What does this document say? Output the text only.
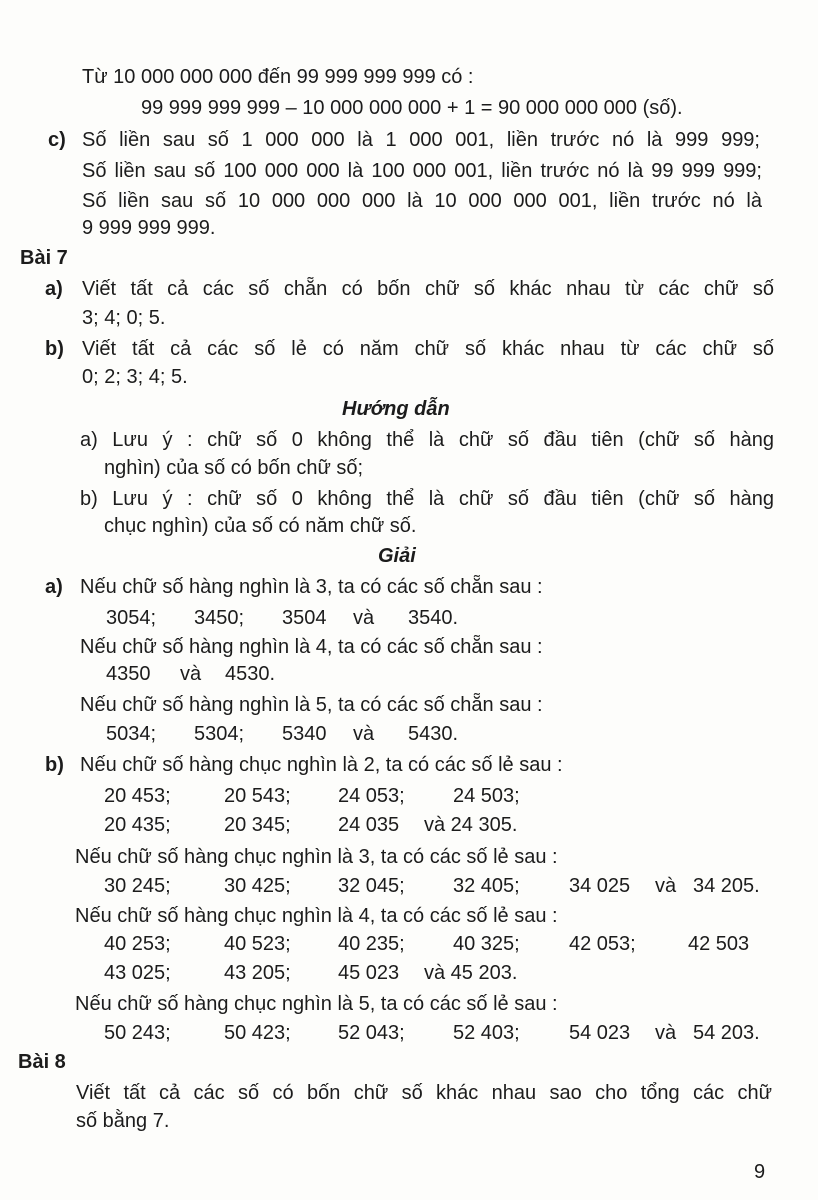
Từ 10 000 000 000 đến 99 999 999 999 có :
99 999 999 999 – 10 000 000 000 + 1 = 90 000 000 000 (số).
c) Số liền sau số 1 000 000 là 1 000 001, liền trước nó là 999 999;
Số liền sau số 100 000 000 là 100 000 001, liền trước nó là 99 999 999;
Số liền sau số 10 000 000 000 là 10 000 000 001, liền trước nó là
9 999 999 999.
Bài 7
a) Viết tất cả các số chẵn có bốn chữ số khác nhau từ các chữ số
3; 4; 0; 5.
b) Viết tất cả các số lẻ có năm chữ số khác nhau từ các chữ số
0; 2; 3; 4; 5.
Hướng dẫn
a) Lưu ý : chữ số 0 không thể là chữ số đầu tiên (chữ số hàng
nghìn) của số có bốn chữ số;
b) Lưu ý : chữ số 0 không thể là chữ số đầu tiên (chữ số hàng
chục nghìn) của số có năm chữ số.
Giải
a) Nếu chữ số hàng nghìn là 3, ta có các số chẵn sau :
3054; 3450; 3504 và 3540.
Nếu chữ số hàng nghìn là 4, ta có các số chẵn sau :
4350 và 4530.
Nếu chữ số hàng nghìn là 5, ta có các số chẵn sau :
5034; 5304; 5340 và 5430.
b) Nếu chữ số hàng chục nghìn là 2, ta có các số lẻ sau :
20 453;	20 543; 24 053; 24 503;
20 435;	20 345; 24 035 và 24 305.
Nếu chữ số hàng chục nghìn là 3, ta có các số lẻ sau :
30 245;	30 425; 32 045; 32 405; 34 025 và 34 205.
Nếu chữ số hàng chục nghìn là 4, ta có các số lẻ sau :
40 253;	40 523; 40 235; 40 325; 42 053;	42 503
43 025;	43 205; 45 023 và 45 203.
Nếu chữ số hàng chục nghìn là 5, ta có các số lẻ sau :
50 243;	50 423; 52 043; 52 403; 54 023 và 54 203.
Bài 8
Viết tất cả các số có bốn chữ số khác nhau sao cho tổng các chữ
số bằng 7.
9
